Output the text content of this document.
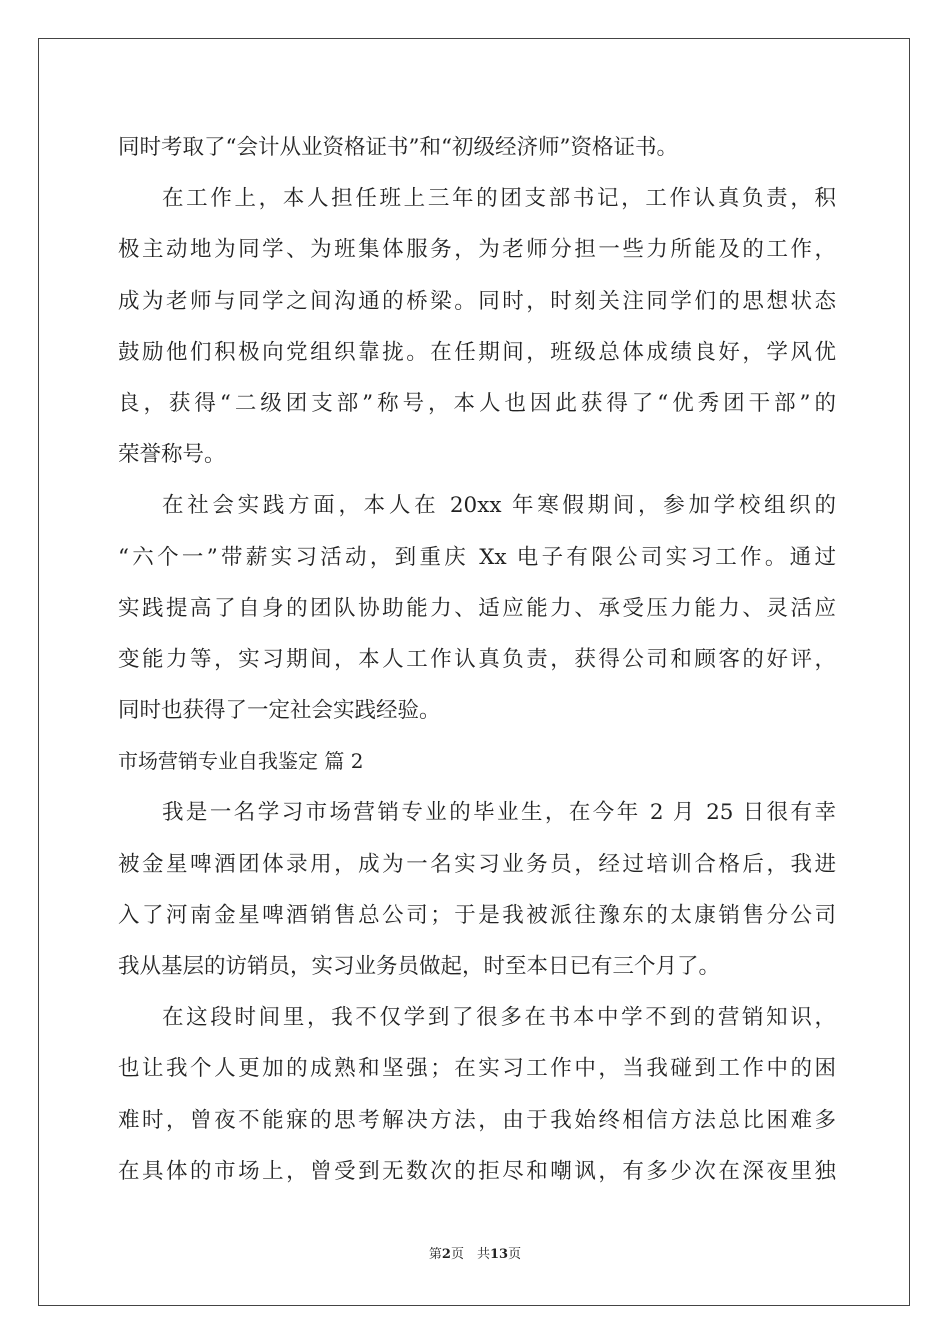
同时考取了“会计从业资格证书”和“初级经济师”资格证书。
在工作上，本人担任班上三年的团支部书记，工作认真负责，积
极主动地为同学、为班集体服务，为老师分担一些力所能及的工作，
成为老师与同学之间沟通的桥梁。同时，时刻关注同学们的思想状态
鼓励他们积极向党组织靠拢。在任期间，班级总体成绩良好，学风优
良，获得“二级团支部”称号，本人也因此获得了“优秀团干部”的
荣誉称号。
在社会实践方面，本人在 20xx 年寒假期间，参加学校组织的
“六个一”带薪实习活动，到重庆 Xx 电子有限公司实习工作。通过
实践提高了自身的团队协助能力、适应能力、承受压力能力、灵活应
变能力等，实习期间，本人工作认真负责，获得公司和顾客的好评，
同时也获得了一定社会实践经验。
市场营销专业自我鉴定 篇 2
我是一名学习市场营销专业的毕业生，在今年 2 月 25 日很有幸
被金星啤酒团体录用，成为一名实习业务员，经过培训合格后，我进
入了河南金星啤酒销售总公司；于是我被派往豫东的太康销售分公司
我从基层的访销员，实习业务员做起，时至本日已有三个月了。
在这段时间里，我不仅学到了很多在书本中学不到的营销知识，
也让我个人更加的成熟和坚强；在实习工作中，当我碰到工作中的困
难时，曾夜不能寐的思考解决方法，由于我始终相信方法总比困难多
在具体的市场上，曾受到无数次的拒尽和嘲讽，有多少次在深夜里独
第2页　共13页
